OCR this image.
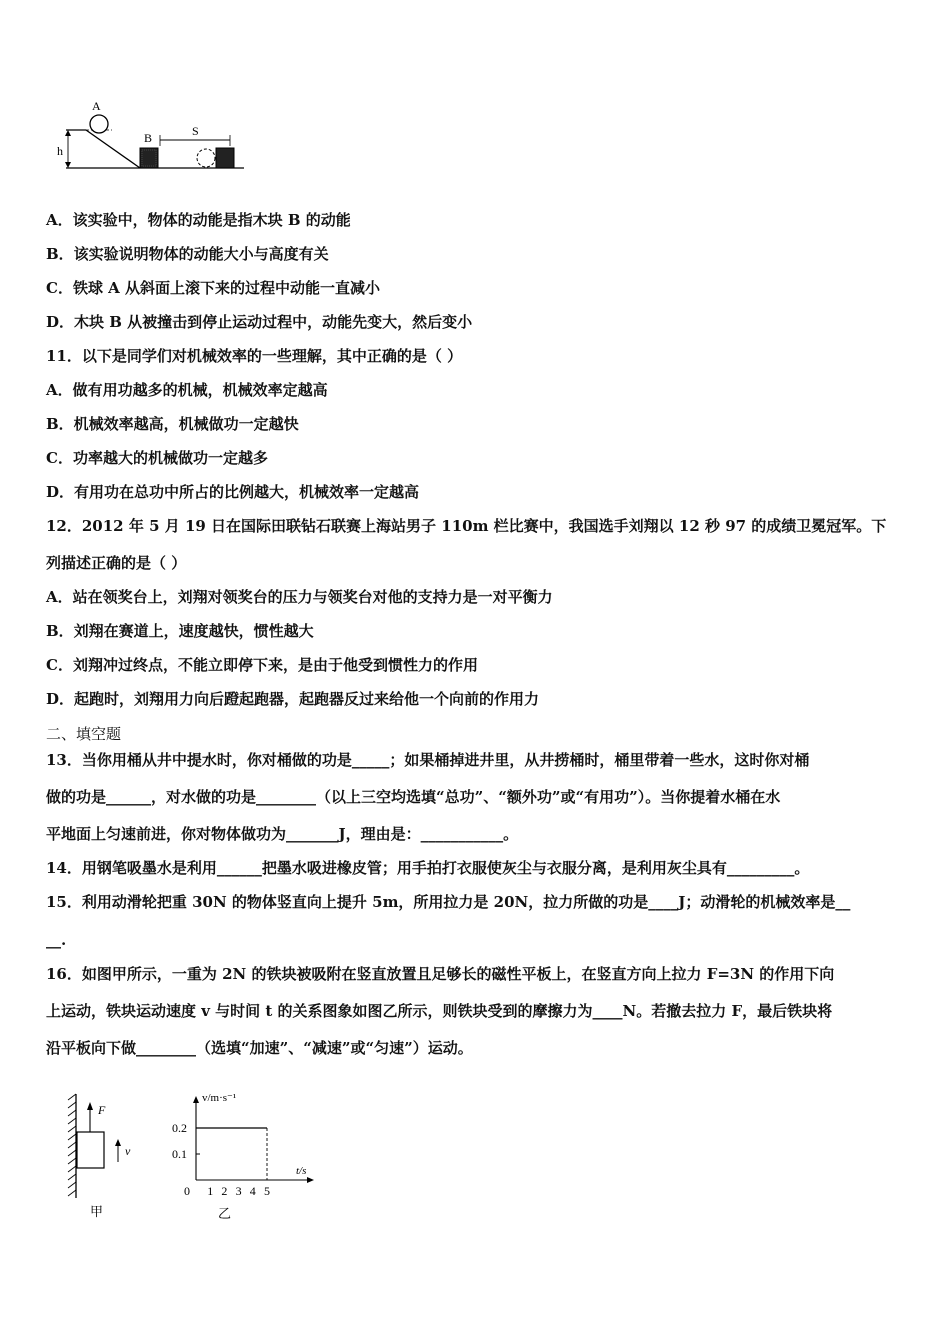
h
A
B	S
A．该实验中，物体的动能是指木块 B 的动能
B．该实验说明物体的动能大小与高度有关
C．铁球 A 从斜面上滚下来的过程中动能一直减小
D．木块 B 从被撞击到停止运动过程中，动能先变大，然后变小
11．以下是同学们对机械效率的一些理解，其中正确的是（ ）
A．做有用功越多的机械，机械效率定越高
B．机械效率越高，机械做功一定越快
C．功率越大的机械做功一定越多
D．有用功在总功中所占的比例越大，机械效率一定越高
12．2012 年 5 月 19 日在国际田联钻石联赛上海站男子 110m 栏比赛中，我国选手刘翔以 12 秒 97 的成绩卫冕冠军。下
列描述正确的是（ ）
A．站在领奖台上，刘翔对领奖台的压力与领奖台对他的支持力是一对平衡力
B．刘翔在赛道上，速度越快，惯性越大
C．刘翔冲过终点，不能立即停下来，是由于他受到惯性力的作用
D．起跑时，刘翔用力向后蹬起跑器，起跑器反过来给他一个向前的作用力
二、填空题
13．当你用桶从井中提水时，你对桶做的功是_____；如果桶掉进井里，从井捞桶时，桶里带着一些水，这时你对桶
做的功是______，对水做的功是________（以上三空均选填“总功”、“额外功”或“有用功”）。当你提着水桶在水
平地面上匀速前进，你对物体做功为_______J，理由是：___________。
14．用钢笔吸墨水是利用______把墨水吸进橡皮管；用手拍打衣服使灰尘与衣服分离，是利用灰尘具有_________。
15．利用动滑轮把重 30N 的物体竖直向上提升 5m，所用拉力是 20N，拉力所做的功是____J；动滑轮的机械效率是__
__.
16．如图甲所示，一重为 2N 的铁块被吸附在竖直放置且足够长的磁性平板上，在竖直方向上拉力 F=3N 的作用下向
上运动，铁块运动速度 v 与时间 t 的关系图象如图乙所示，则铁块受到的摩擦力为____N。若撤去拉力 F，最后铁块将
沿平板向下做________（选填“加速”、“减速”或“匀速”）运动。
F
v
甲
v/m·s⁻¹
t/s
0 1 2 3 4 5
0.2
0.1
乙
